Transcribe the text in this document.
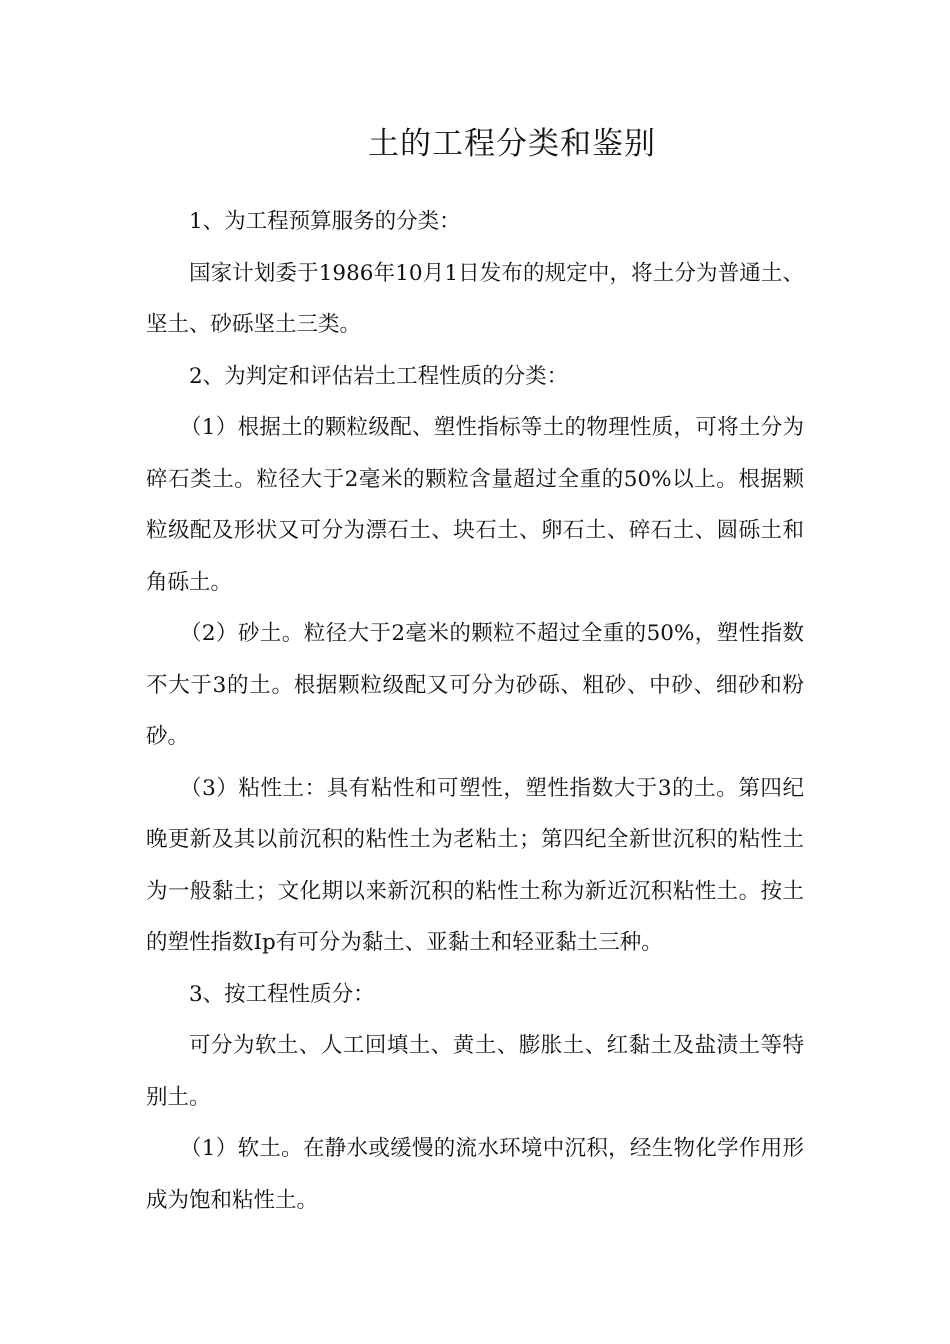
土的工程分类和鉴别

1、为工程预算服务的分类：

国家计划委于1986年10月1日发布的规定中，将土分为普通土、坚土、砂砾坚土三类。

2、为判定和评估岩土工程性质的分类：

（1）根据土的颗粒级配、塑性指标等土的物理性质，可将土分为碎石类土。粒径大于2毫米的颗粒含量超过全重的50%以上。根据颗粒级配及形状又可分为漂石土、块石土、卵石土、碎石土、圆砾土和角砾土。

（2）砂土。粒径大于2毫米的颗粒不超过全重的50%，塑性指数不大于3的土。根据颗粒级配又可分为砂砾、粗砂、中砂、细砂和粉砂。

（3）粘性土：具有粘性和可塑性，塑性指数大于3的土。第四纪晚更新及其以前沉积的粘性土为老粘土；第四纪全新世沉积的粘性土为一般黏土；文化期以来新沉积的粘性土称为新近沉积粘性土。按土的塑性指数Ip有可分为黏土、亚黏土和轻亚黏土三种。

3、按工程性质分：

可分为软土、人工回填土、黄土、膨胀土、红黏土及盐渍土等特别土。

（1）软土。在静水或缓慢的流水环境中沉积，经生物化学作用形成为饱和粘性土。
